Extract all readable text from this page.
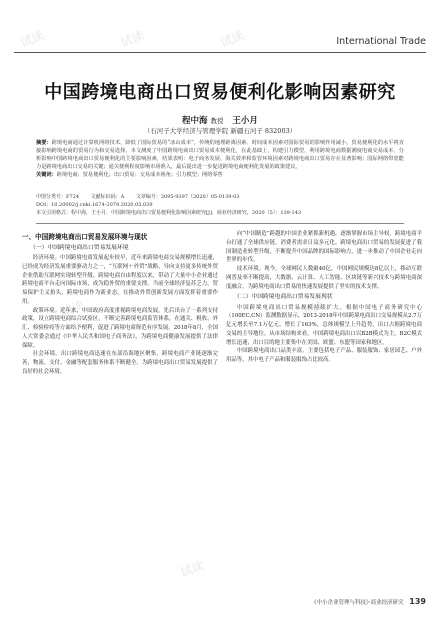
试读	试读	试读
试读	试读
试读
International Trade
中国跨境电商出口贸易便利化影响因素研究
程中海 教授 王小月
（石河子大学经济与管理学院 新疆石河子 832003）
摘要：跨境电商通过计算机网络技术，降低了国际贸易的“冰山成本”，传统的地理距离因素、时间成本因素对国际贸易的影响作用减小，贸易便利化的水平将直接影响跨境电商的贸易行为和交易选择。本文测度了中国跨境电商出口贸易成本便利化，在此基础上，构建引力模型，利用跨境电商数据测度电商交易成本、分析影响中国跨境电商出口贸易便利化的主要影响因素，结果表明：电子商务发展、海关效率和监管环境因素对跨境电商出口贸易存在显著影响；国际网络带宽能力是跨境电商出口交易的关键；通关便利程度影响市场准入，最后提出进一步促进跨境电商便利化发展的政策建议。
关键词：跨境电商；贸易便利化；出口贸易；交易成本视角；引力模型；网络零售
中图分类号：F724 文献标识码：A 文章编号：2095-9397（2020）05-0139-03
DOI：10.20002/j.cnki.1674-2079.2020.05.039
本文引用格式：程中海，王小月．中国跨境电商出口贸易便利化影响因素研究[J]．商业经济研究，2020（5）：139-143
一、中国跨境电商出口贸易发展环境与现状
（一）中国跨境电商出口贸易发展环境

经济环境。中国跨境电商发展起步较早，近年来跨境电商交易规模增长迅速，已经成为经济发展重要驱动力之一，“互联网＋外贸”战略，导向支持更多传统外贸企业借助互联网实现转型升级。跨境电商自由程度以来，带动了大量中小企业通过跨境电商平台走向国际市场，成为稳外贸的重要支撑。当前全球经济复苏乏力，贸易保护主义抬头，跨境电商作为新业态，在推动外贸创新发展方面发挥着重要作用。

政策环境。近年来，中国政府高度重视跨境电商发展，先后出台了一系列支持政策，设立跨境电商综合试验区，不断完善跨境电商监管体系，在通关、税收、外汇、检验检疫等方面给予便利，促进了跨境电商规范有序发展。2018年8月，全国人大常委会通过《中华人民共和国电子商务法》，为跨境电商健康发展提供了法律保障。

社会环境。出口跨境电商迅速在东部沿海地区聚集，跨境电商产业链逐渐完善，物流、支付、金融等配套服务体系不断健全，为跨境电商出口贸易发展提供了良好的社会环境。

向“中国制造”跨越的中国企业紧抓新机遇，逐渐掌握市场主导权，跨境电商平台打通了全球供应链，消费者需求日益多元化。跨境电商出口贸易的发展促进了我国制造业转型升级，不断提升中国品牌的国际影响力，进一步推动了中国企业走向世界的步伐。

技术环境。现今，全球网民人数破40亿，中国网民规模达8亿以上，移动互联网普及率不断提高，大数据、云计算、人工智能、区块链等新兴技术与跨境电商深度融合，为跨境电商出口贸易的快速发展提供了坚实的技术支撑。

（二）中国跨境电商出口贸易发展现状

中国跨境电商出口贸易规模持续扩大。根据中国电子商务研究中心（100EC.CN）监测数据显示，2013-2018年中国跨境电商出口交易规模从2.7万亿元增长至7.1万亿元，增长了163%，总体规模呈上升趋势，出口占据跨境电商交易的主导地位。从市场结构来看，中国跨境电商出口以B2B模式为主，B2C模式增长迅速，出口目的地主要集中在美国、欧盟、东盟等国家和地区。

中国跨境电商出口品类丰富，主要包括电子产品、服装服饰、家居园艺、户外用品等，其中电子产品和服装服饰占比较高。

《中小企业管理与科技》·商业经济研究 139
